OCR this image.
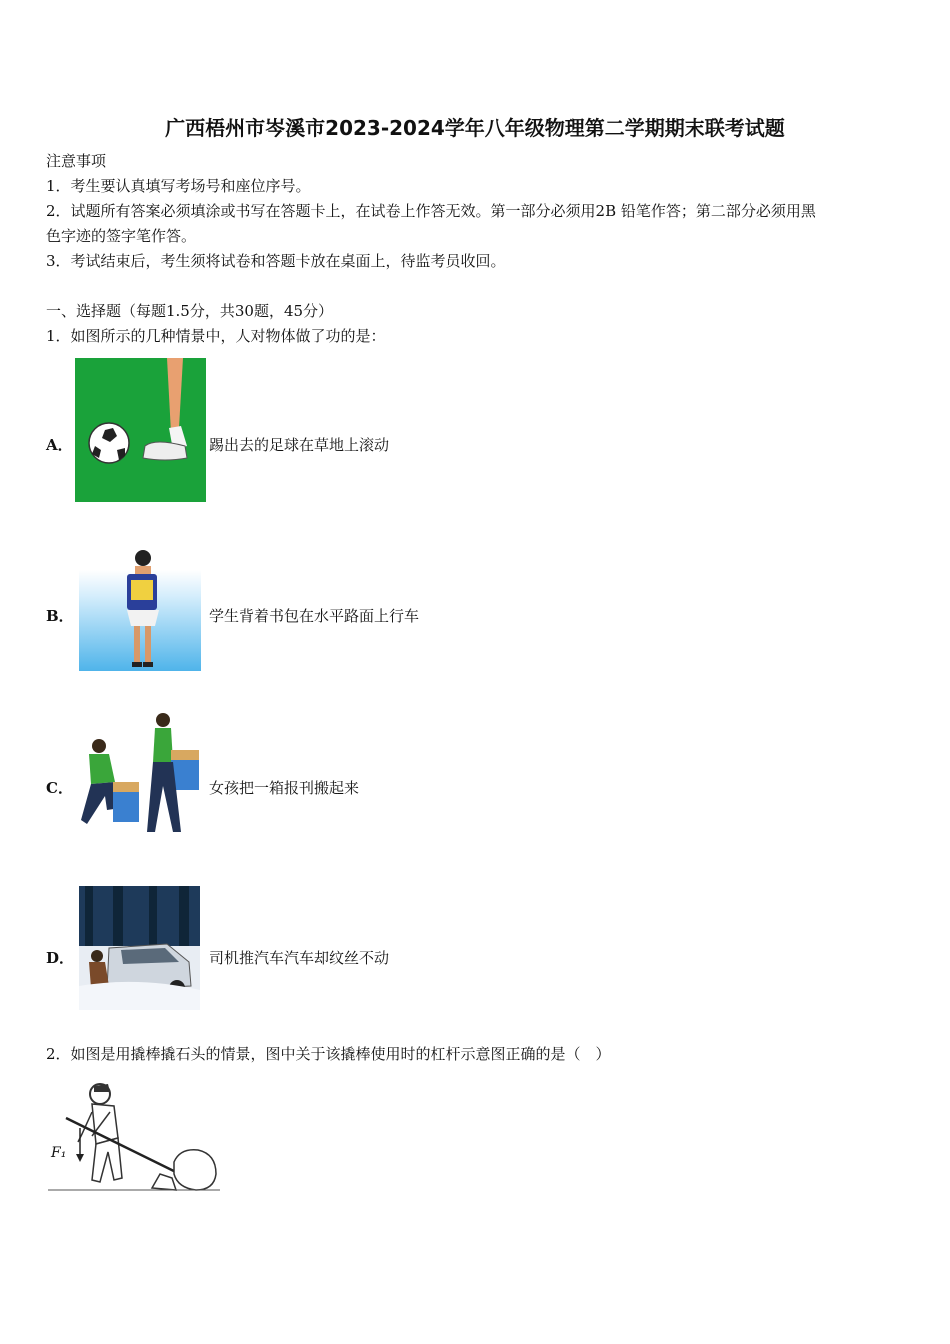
广西梧州市岑溪市2023-2024学年八年级物理第二学期期末联考试题
注意事项
1．考生要认真填写考场号和座位序号。
2．试题所有答案必须填涂或书写在答题卡上，在试卷上作答无效。第一部分必须用2B 铅笔作答；第二部分必须用黑
色字迹的签字笔作答。
3．考试结束后，考生须将试卷和答题卡放在桌面上，待监考员收回。
一、选择题（每题1.5分，共30题，45分）
1．如图所示的几种情景中，人对物体做了功的是：
A．	踢出去的足球在草地上滚动
B．	学生背着书包在水平路面上行车
C．	女孩把一箱报刊搬起来
D．	司机推汽车汽车却纹丝不动
2．如图是用撬棒撬石头的情景，图中关于该撬棒使用时的杠杆示意图正确的是（　）
F₁
